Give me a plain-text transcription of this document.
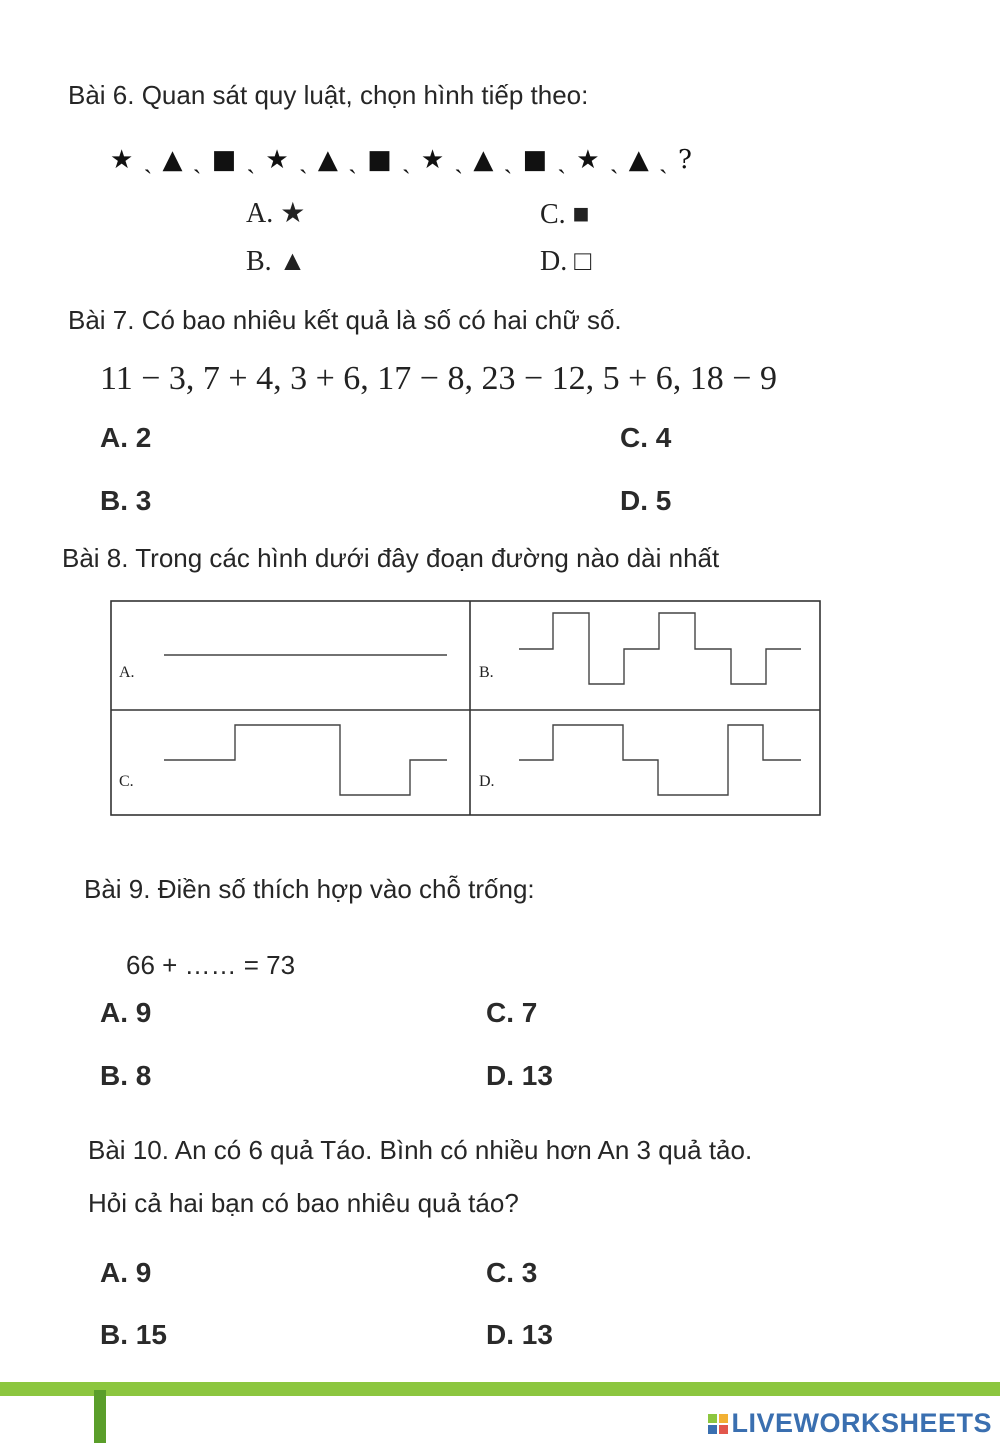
Bài 6. Quan sát quy luật, chọn hình tiếp theo:
★ ˎ ▲ ˎ ■ ˎ ★ ˎ ▲ ˎ ■ ˎ ★ ˎ ▲ ˎ ■ ˎ ★ ˎ ▲ ˎ ?
A. ★
B. ▲
C. ■
D. □
Bài 7. Có bao nhiêu kết quả là số có hai chữ số.
11 − 3, 7 + 4, 3 + 6, 17 − 8, 23 − 12, 5 + 6, 18 − 9
A. 2
B. 3
C. 4
D. 5
Bài 8. Trong các hình dưới đây đoạn đường nào dài nhất
A.	B.
C.	D.
Bài 9. Điền số thích hợp vào chỗ trống:
66 + …… = 73
A. 9
B. 8
C. 7
D. 13
Bài 10. An có 6 quả Táo. Bình có nhiều hơn An 3 quả tảo.
Hỏi cả hai bạn có bao nhiêu quả táo?
A. 9
B. 15
C. 3
D. 13
LIVEWORKSHEETS
